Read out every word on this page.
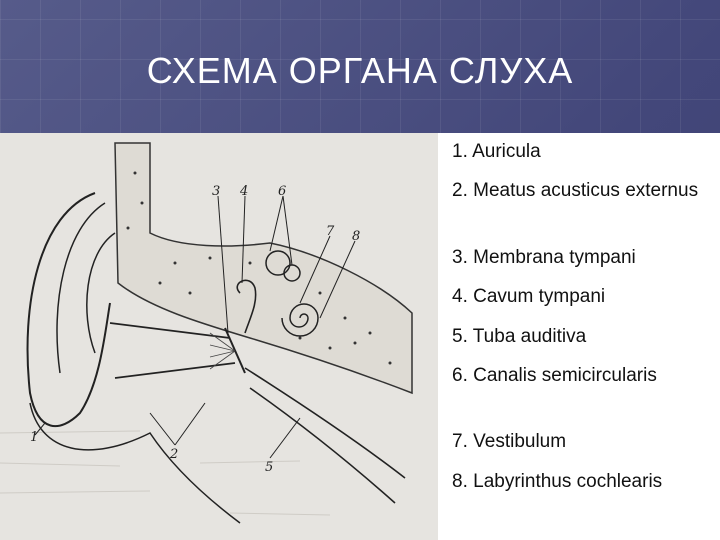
СХЕМА ОРГАНА СЛУХА
1
2
3 4
5
6
7 8
1. Auricula
2. Meatus acusticus externus
3. Membrana tympani
4. Cavum tympani
5. Tuba auditiva
6. Canalis semicircularis
7. Vestibulum
8. Labyrinthus cochlearis
